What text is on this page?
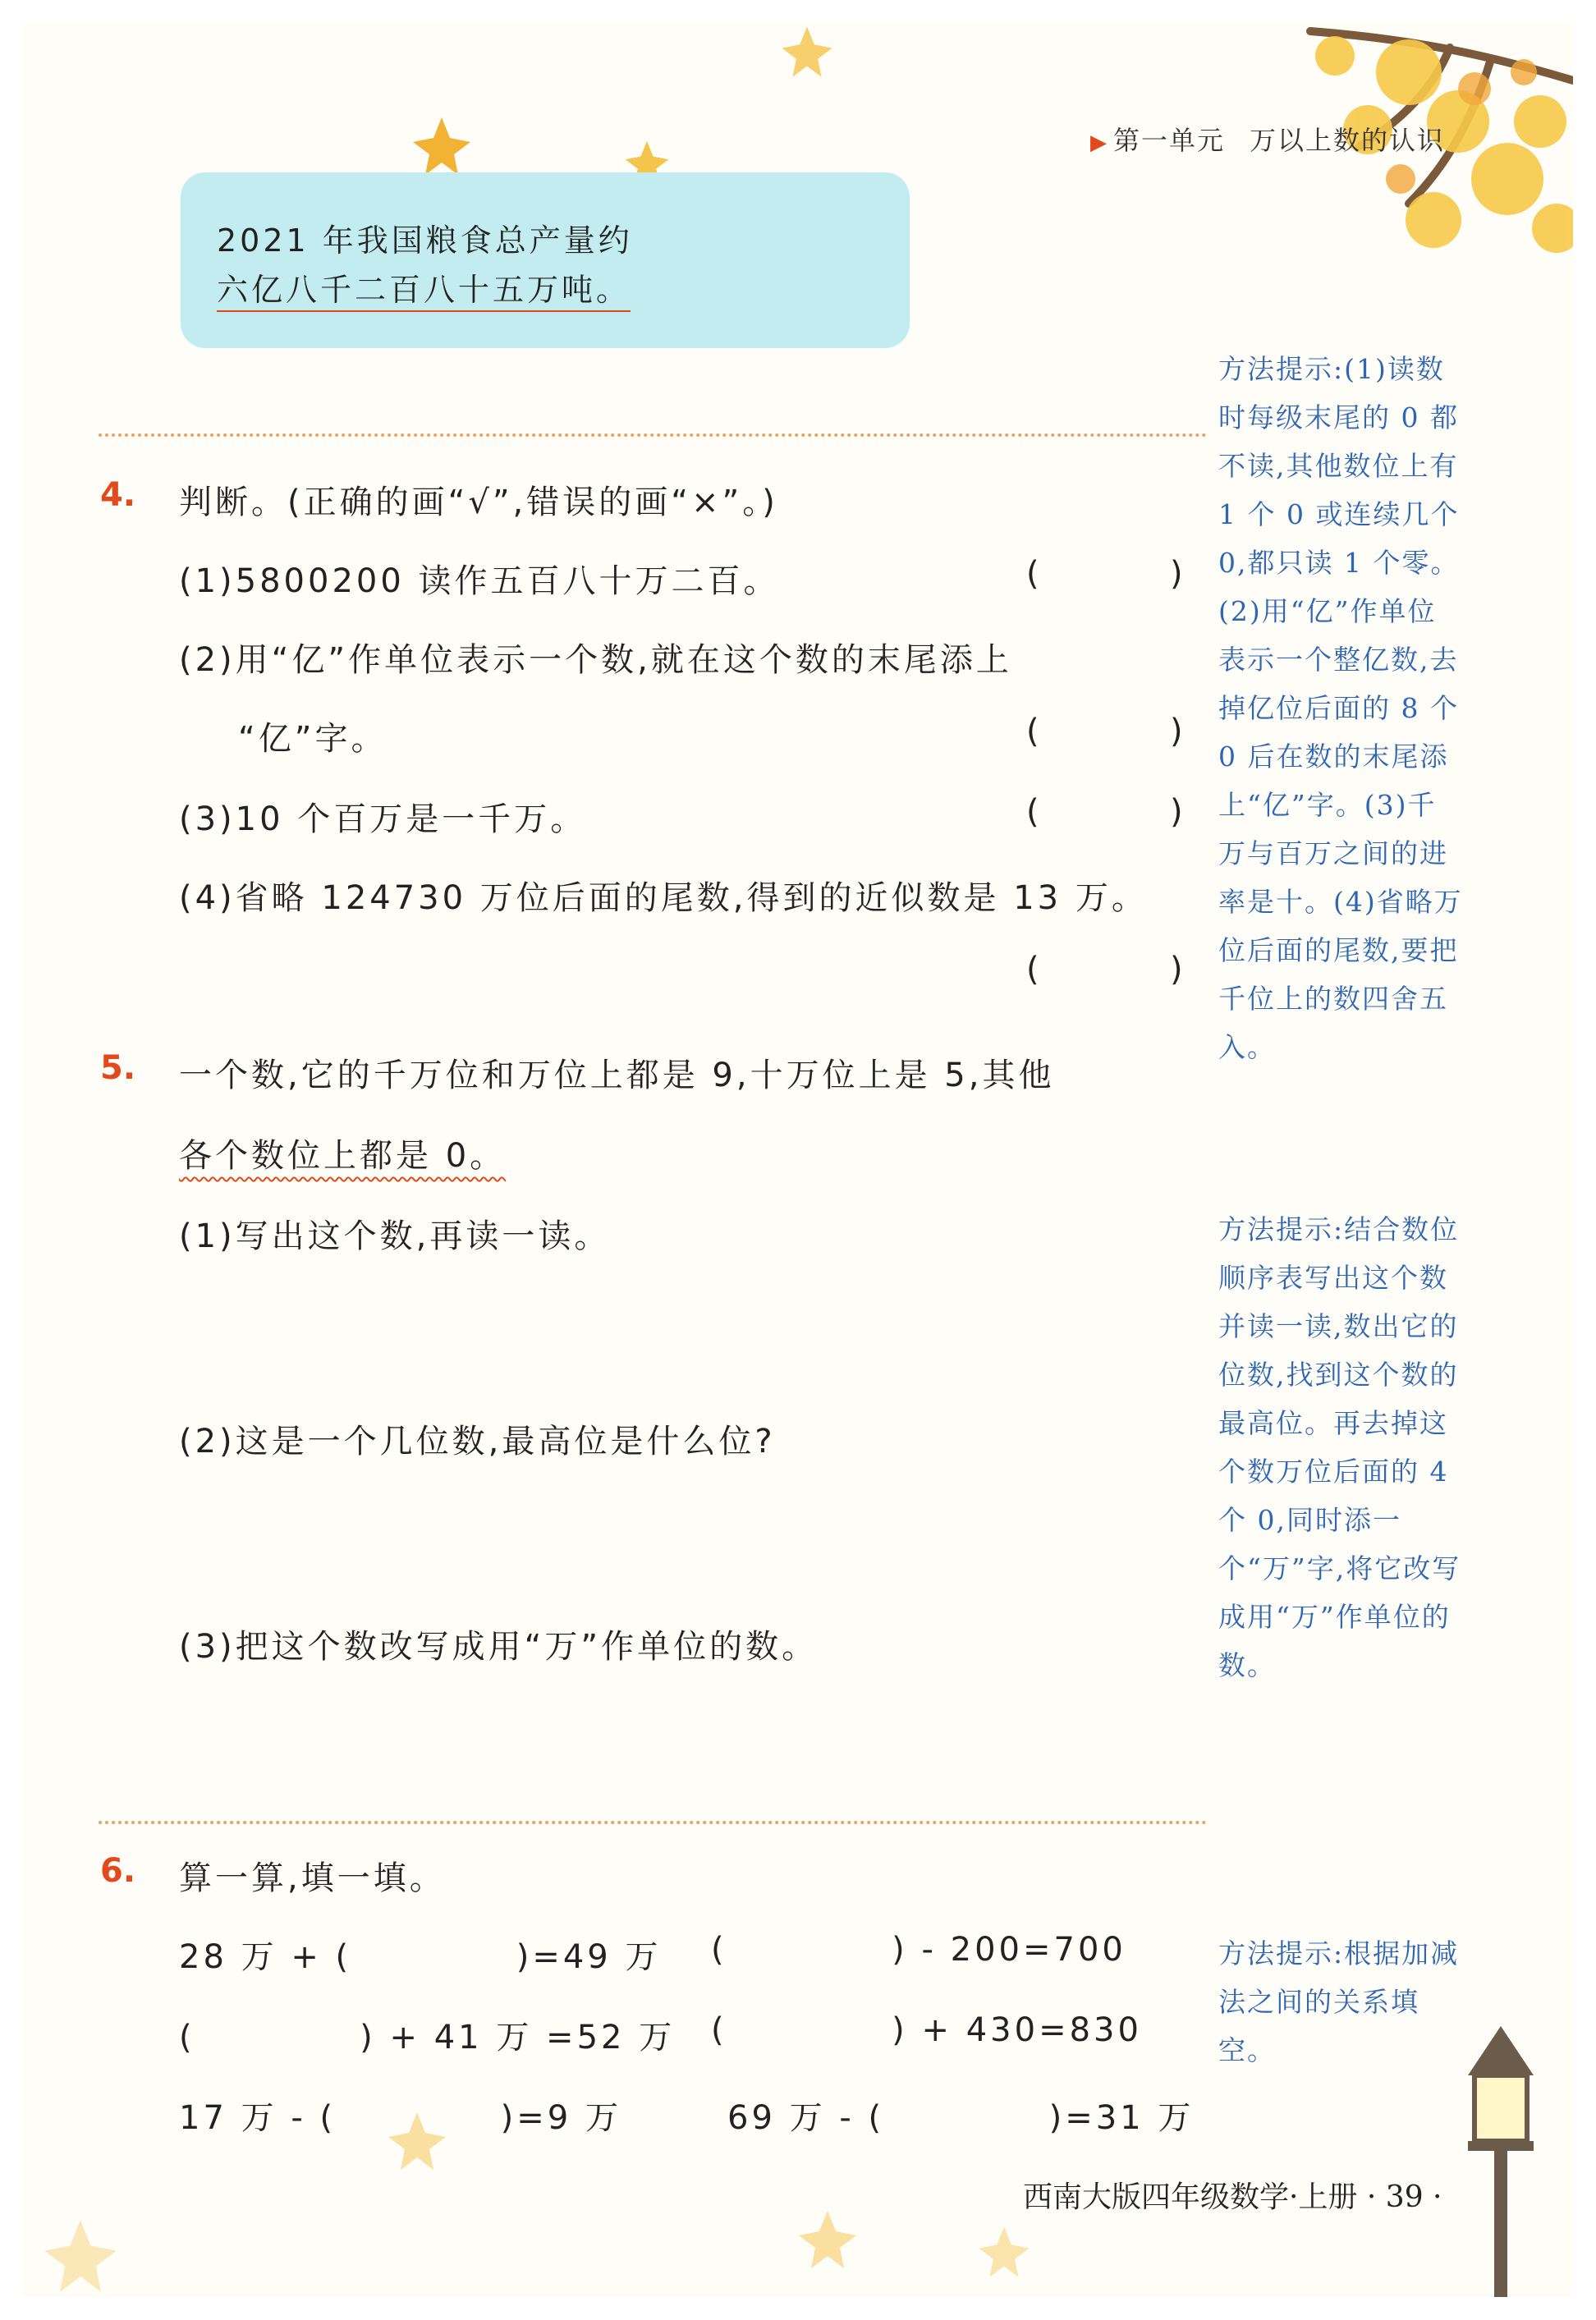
▶ 第一单元 万以上数的认识
2021 年我国粮食总产量约
六亿八千二百八十五万吨。
4. 判断。(正确的画“√”,错误的画“×”。)
(1)5800200 读作五百八十万二百。	(	)
(2)用“亿”作单位表示一个数,就在这个数的末尾添上
“亿”字。	(	)
(3)10 个百万是一千万。	(	)
(4)省略 124730 万位后面的尾数,得到的近似数是 13 万。
(	)
5. 一个数,它的千万位和万位上都是 9,十万位上是 5,其他
各个数位上都是 0。
(1)写出这个数,再读一读。
(2)这是一个几位数,最高位是什么位?
(3)把这个数改写成用“万”作单位的数。
6. 算一算,填一填。
28 万 + (            )=49 万 (            ) - 200=700
(            ) + 41 万 =52 万 (            ) + 430=830
17 万 - (            )=9 万	69 万 - (            )=31 万
方法提示:(1)读数时每级末尾的 0 都不读,其他数位上有 1 个 0 或连续几个 0,都只读 1 个零。(2)用“亿”作单位表示一个整亿数,去掉亿位后面的 8 个 0 后在数的末尾添上“亿”字。(3)千万与百万之间的进率是十。(4)省略万位后面的尾数,要把千位上的数四舍五入。
方法提示:结合数位顺序表写出这个数并读一读,数出它的位数,找到这个数的最高位。再去掉这个数万位后面的 4 个 0,同时添一个“万”字,将它改写成用“万”作单位的数。
方法提示:根据加减法之间的关系填空。
西南大版四年级数学·上册 · 39 ·
